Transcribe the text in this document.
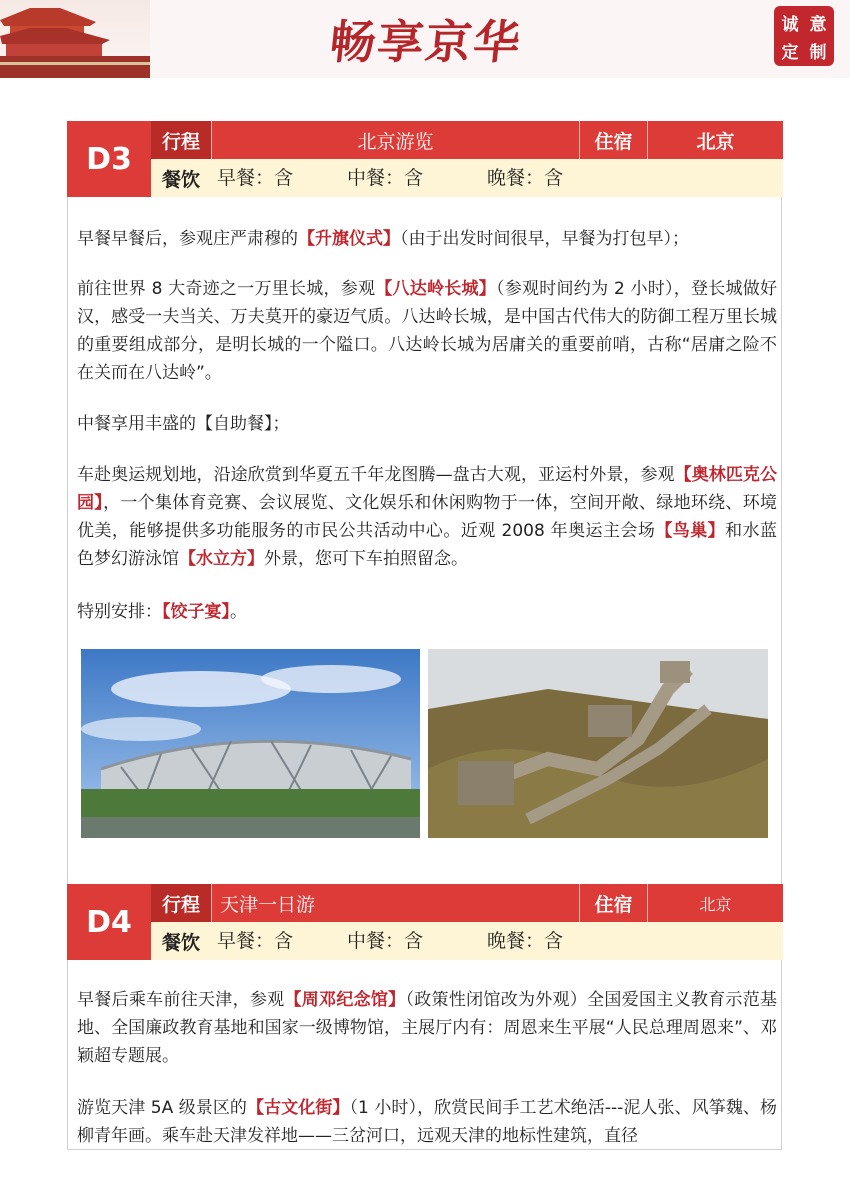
畅享京华	诚 意
定 制
D3	行程	北京游览	住宿	北京
餐饮 早餐：含	中餐：含	晚餐：含
早餐早餐后，参观庄严肃穆的【升旗仪式】（由于出发时间很早，早餐为打包早）；
前往世界 8 大奇迹之一万里长城，参观【八达岭长城】（参观时间约为 2 小时），登长城做好汉，感受一夫当关、万夫莫开的豪迈气质。八达岭长城，是中国古代伟大的防御工程万里长城的重要组成部分，是明长城的一个隘口。八达岭长城为居庸关的重要前哨，古称“居庸之险不在关而在八达岭”。
中餐享用丰盛的【自助餐】；
车赴奥运规划地，沿途欣赏到华夏五千年龙图腾—盘古大观，亚运村外景，参观【奥林匹克公园】，一个集体育竞赛、会议展览、文化娱乐和休闲购物于一体，空间开敞、绿地环绕、环境优美，能够提供多功能服务的市民公共活动中心。近观 2008 年奥运主会场【鸟巢】和水蓝色梦幻游泳馆【水立方】外景，您可下车拍照留念。
特别安排：【饺子宴】。
D4	行程	天津一日游	住宿	北京
餐饮 早餐：含	中餐：含	晚餐：含
早餐后乘车前往天津，参观【周邓纪念馆】（政策性闭馆改为外观）全国爱国主义教育示范基地、全国廉政教育基地和国家一级博物馆，主展厅内有：周恩来生平展“人民总理周恩来”、邓颖超专题展。
游览天津 5A 级景区的【古文化街】（1 小时），欣赏民间手工艺术绝活---泥人张、风筝魏、杨柳青年画。乘车赴天津发祥地——三岔河口，远观天津的地标性建筑，直径
